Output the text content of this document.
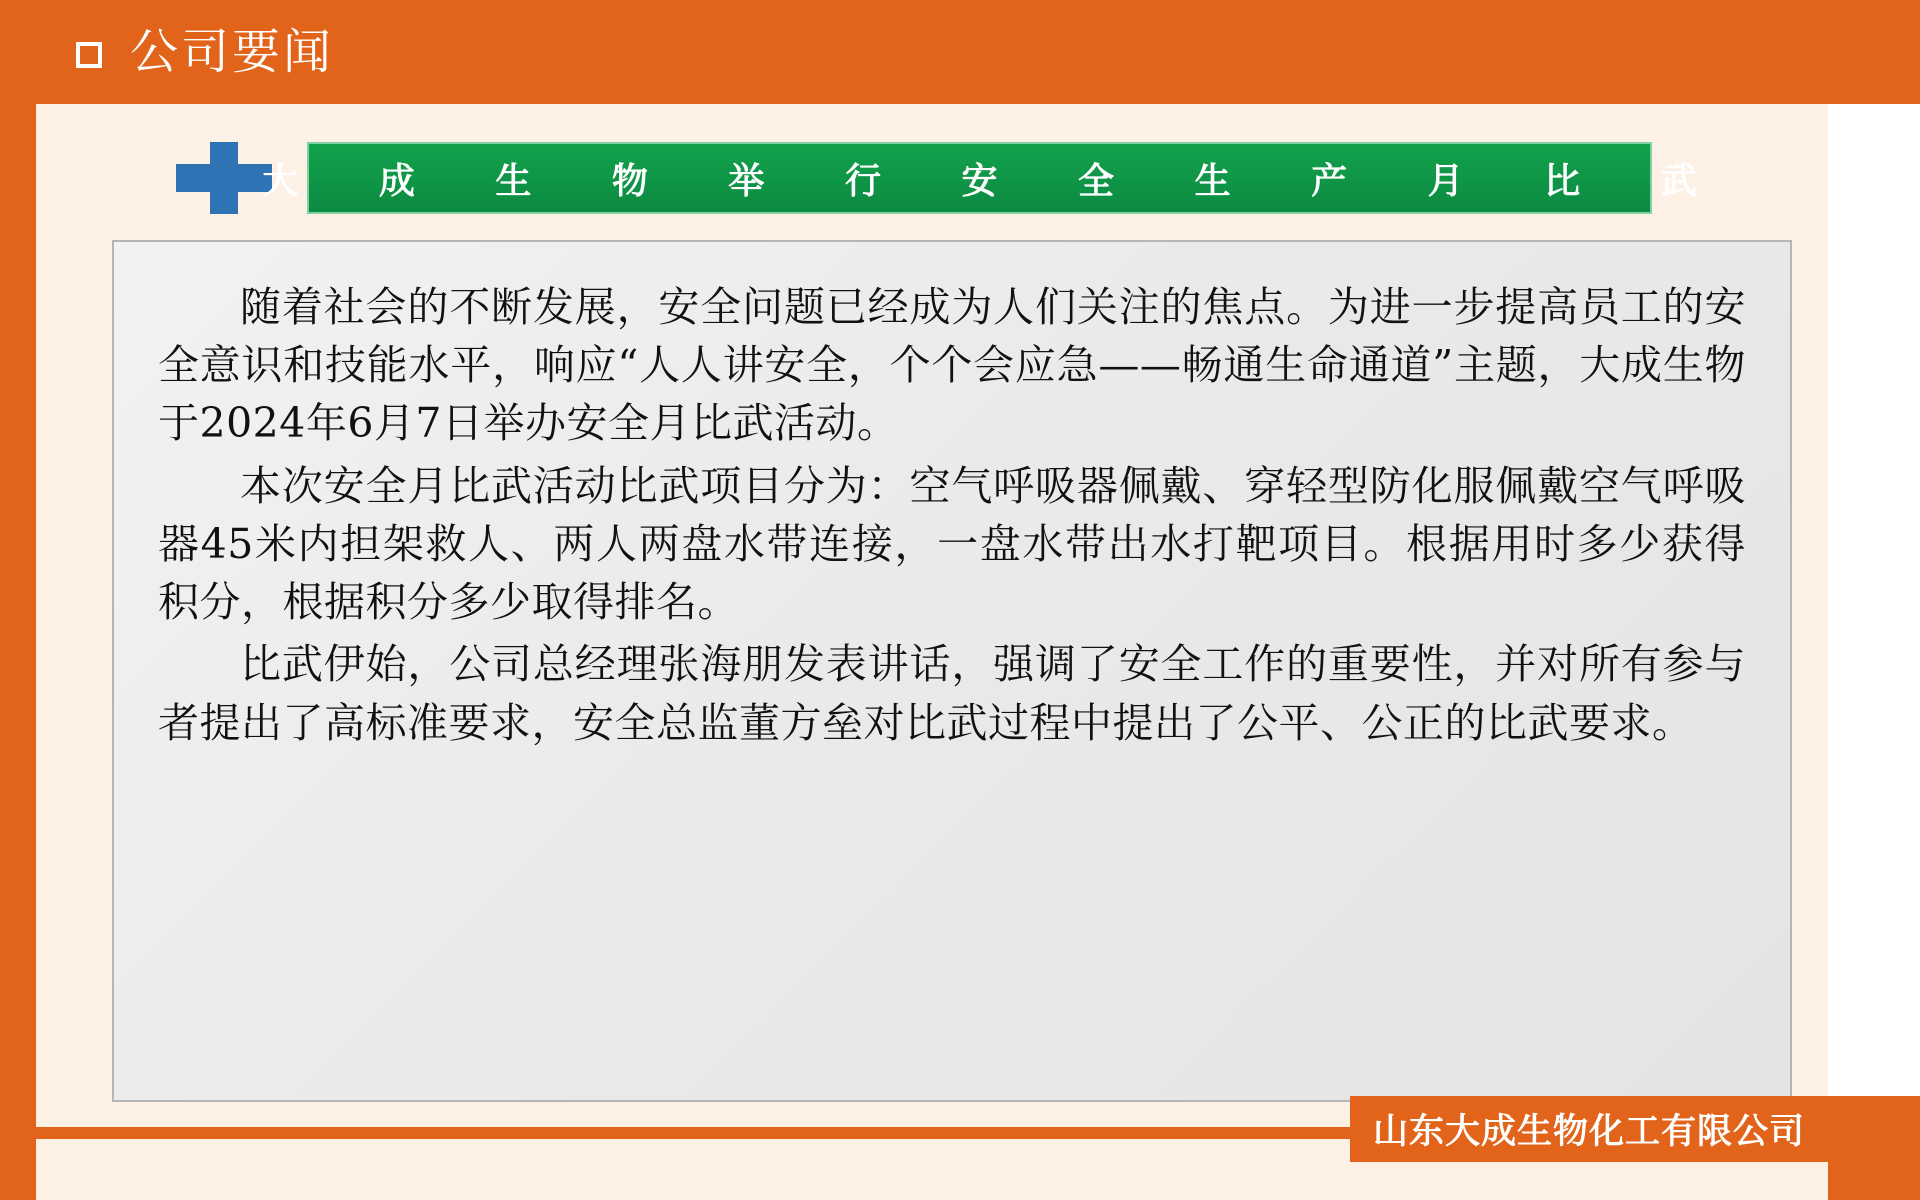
公司要闻
大 成 生 物 举 行 安 全 生 产 月 比 武

随着社会的不断发展，安全问题已经成为人们关注的焦点。为进一步提高员工的安全意识和技能水平，响应“人人讲安全，个个会应急——畅通生命通道”主题，大成生物于2024年6月7日举办安全月比武活动。

本次安全月比武活动比武项目分为：空气呼吸器佩戴、穿轻型防化服佩戴空气呼吸器45米内担架救人、两人两盘水带连接，一盘水带出水打靶项目。根据用时多少获得积分，根据积分多少取得排名。

比武伊始，公司总经理张海朋发表讲话，强调了安全工作的重要性，并对所有参与者提出了高标准要求，安全总监董方垒对比武过程中提出了公平、公正的比武要求。

山东大成生物化工有限公司
